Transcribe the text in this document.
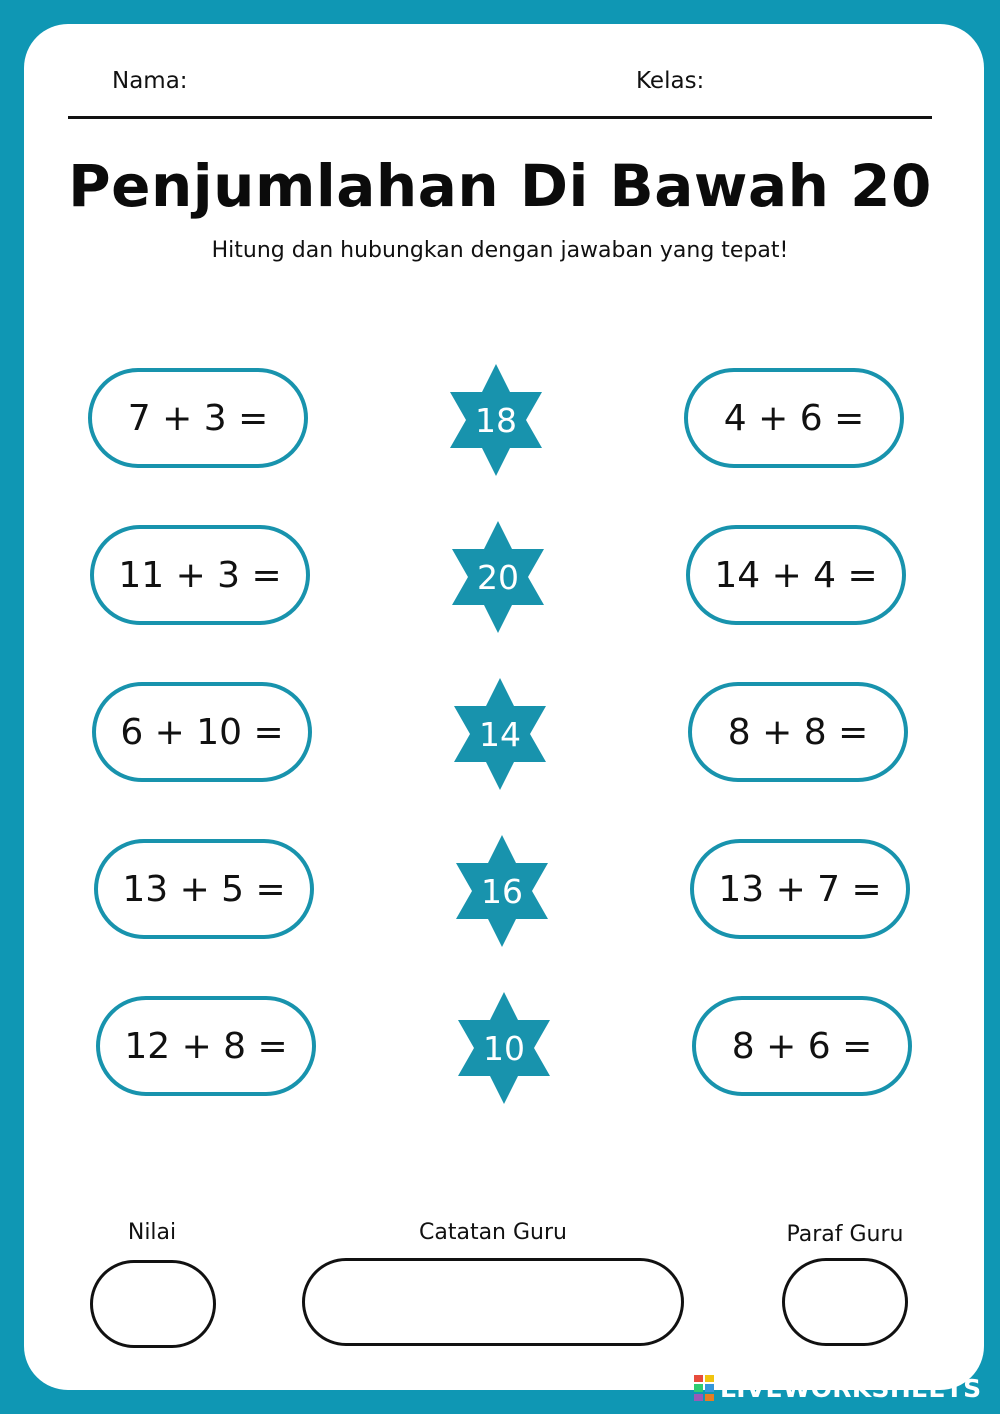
Nama:	Kelas:
Penjumlahan Di Bawah 20
Hitung dan hubungkan dengan jawaban yang tepat!
7 + 3 =
11 + 3 =
6 + 10 =
13 + 5 =
12 + 8 =
18
20
14
16
10
4 + 6 =
14 + 4 =
8 + 8 =
13 + 7 =
8 + 6 =
Nilai	Catatan Guru	Paraf Guru
LIVEWORKSHEETS
